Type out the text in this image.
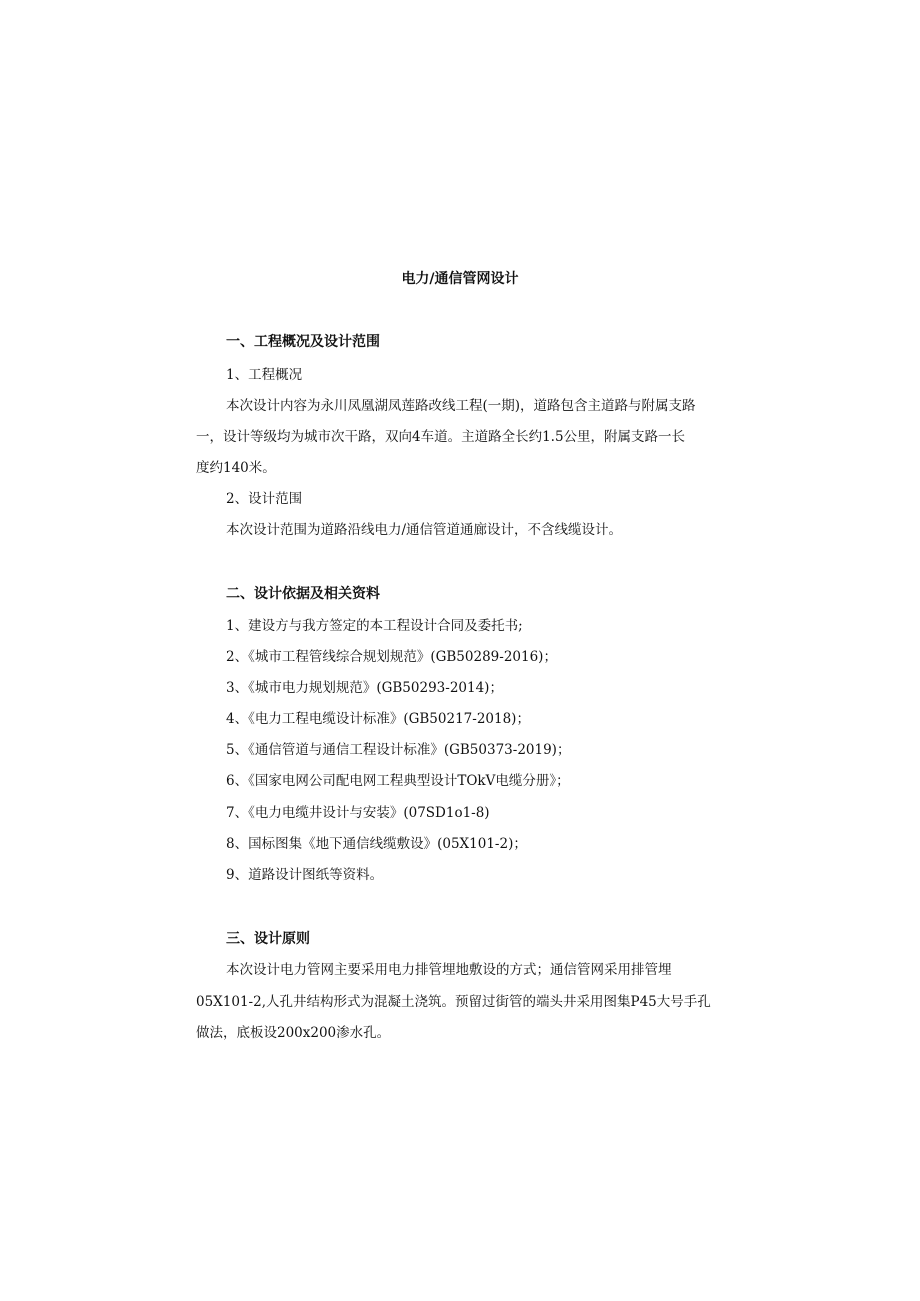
电力/通信管网设计
一、工程概况及设计范围
1、工程概况
本次设计内容为永川凤凰湖凤莲路改线工程(一期)，道路包含主道路与附属支路
一，设计等级均为城市次干路，双向4车道。主道路全长约1.5公里，附属支路一长
度约140米。
2、设计范围
本次设计范围为道路沿线电力/通信管道通廊设计，不含线缆设计。
二、设计依据及相关资料
1、建设方与我方签定的本工程设计合同及委托书;
2、《城市工程管线综合规划规范》(GB50289-2016)；
3、《城市电力规划规范》(GB50293-2014)；
4、《电力工程电缆设计标准》(GB50217-2018)；
5、《通信管道与通信工程设计标准》(GB50373-2019)；
6、《国家电网公司配电网工程典型设计TOkV电缆分册》；
7、《电力电缆井设计与安装》(07SD1o1-8)
8、国标图集《地下通信线缆敷设》(05X101-2)；
9、道路设计图纸等资料。
三、设计原则
本次设计电力管网主要采用电力排管埋地敷设的方式；通信管网采用排管埋
05X101-2,人孔井结构形式为混凝土浇筑。预留过街管的端头井采用图集P45大号手孔
做法，底板设200x200渗水孔。
